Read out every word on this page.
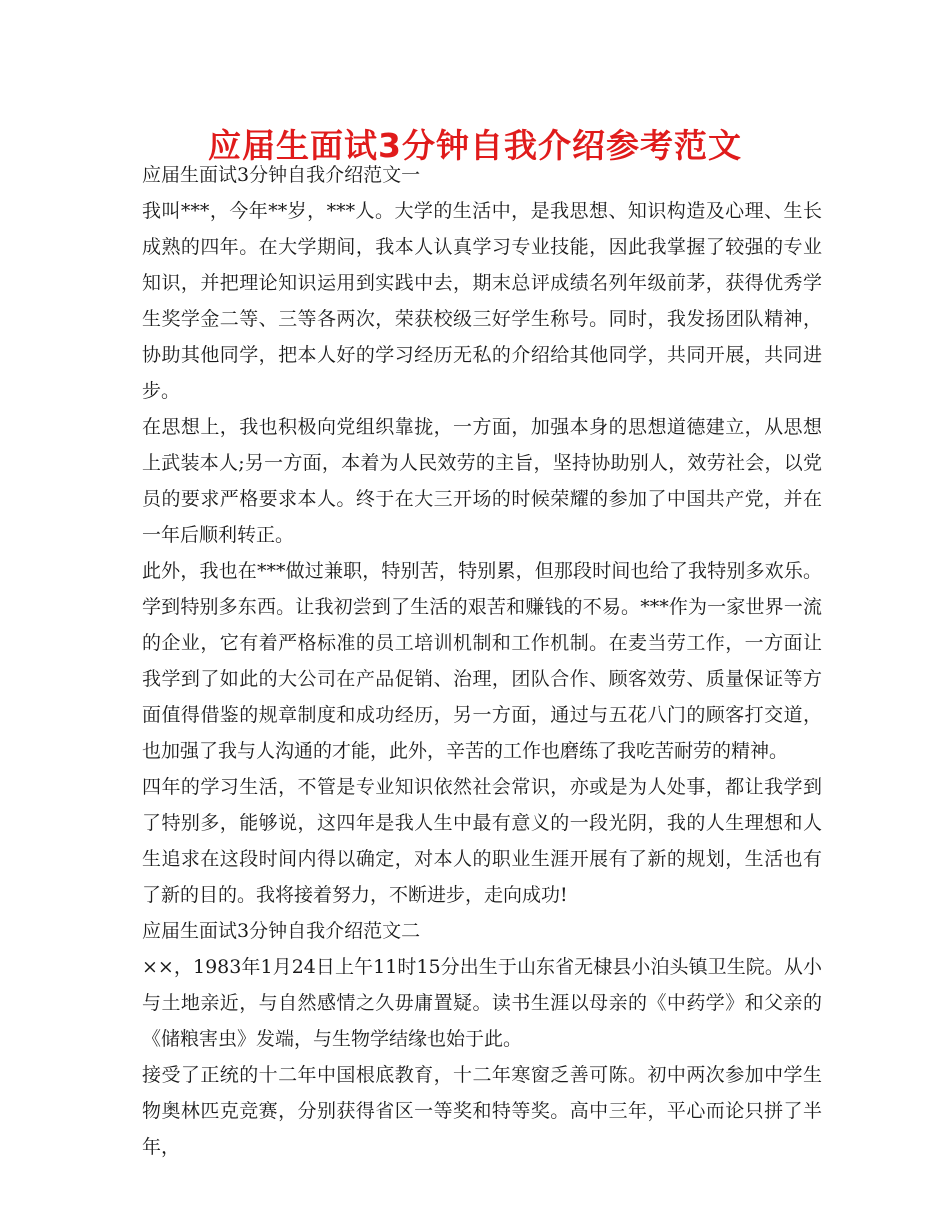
应届生面试3分钟自我介绍参考范文

应届生面试3分钟自我介绍范文一

我叫***，今年**岁，***人。大学的生活中，是我思想、知识构造及心理、生长成熟的四年。在大学期间，我本人认真学习专业技能，因此我掌握了较强的专业知识，并把理论知识运用到实践中去，期末总评成绩名列年级前茅，获得优秀学生奖学金二等、三等各两次，荣获校级三好学生称号。同时，我发扬团队精神，协助其他同学，把本人好的学习经历无私的介绍给其他同学，共同开展，共同进步。

在思想上，我也积极向党组织靠拢，一方面，加强本身的思想道德建立，从思想上武装本人;另一方面，本着为人民效劳的主旨，坚持协助别人，效劳社会，以党员的要求严格要求本人。终于在大三开场的时候荣耀的参加了中国共产党，并在一年后顺利转正。

此外，我也在***做过兼职，特别苦，特别累，但那段时间也给了我特别多欢乐。学到特别多东西。让我初尝到了生活的艰苦和赚钱的不易。***作为一家世界一流的企业，它有着严格标准的员工培训机制和工作机制。在麦当劳工作，一方面让我学到了如此的大公司在产品促销、治理，团队合作、顾客效劳、质量保证等方面值得借鉴的规章制度和成功经历，另一方面，通过与五花八门的顾客打交道，也加强了我与人沟通的才能，此外，辛苦的工作也磨练了我吃苦耐劳的精神。

四年的学习生活，不管是专业知识依然社会常识，亦或是为人处事，都让我学到了特别多，能够说，这四年是我人生中最有意义的一段光阴，我的人生理想和人生追求在这段时间内得以确定，对本人的职业生涯开展有了新的规划，生活也有了新的目的。我将接着努力，不断进步，走向成功!

应届生面试3分钟自我介绍范文二

××，1983年1月24日上午11时15分出生于山东省无棣县小泊头镇卫生院。从小与土地亲近，与自然感情之久毋庸置疑。读书生涯以母亲的《中药学》和父亲的《储粮害虫》发端，与生物学结缘也始于此。

接受了正统的十二年中国根底教育，十二年寒窗乏善可陈。初中两次参加中学生物奥林匹克竞赛，分别获得省区一等奖和特等奖。高中三年，平心而论只拼了半年，
